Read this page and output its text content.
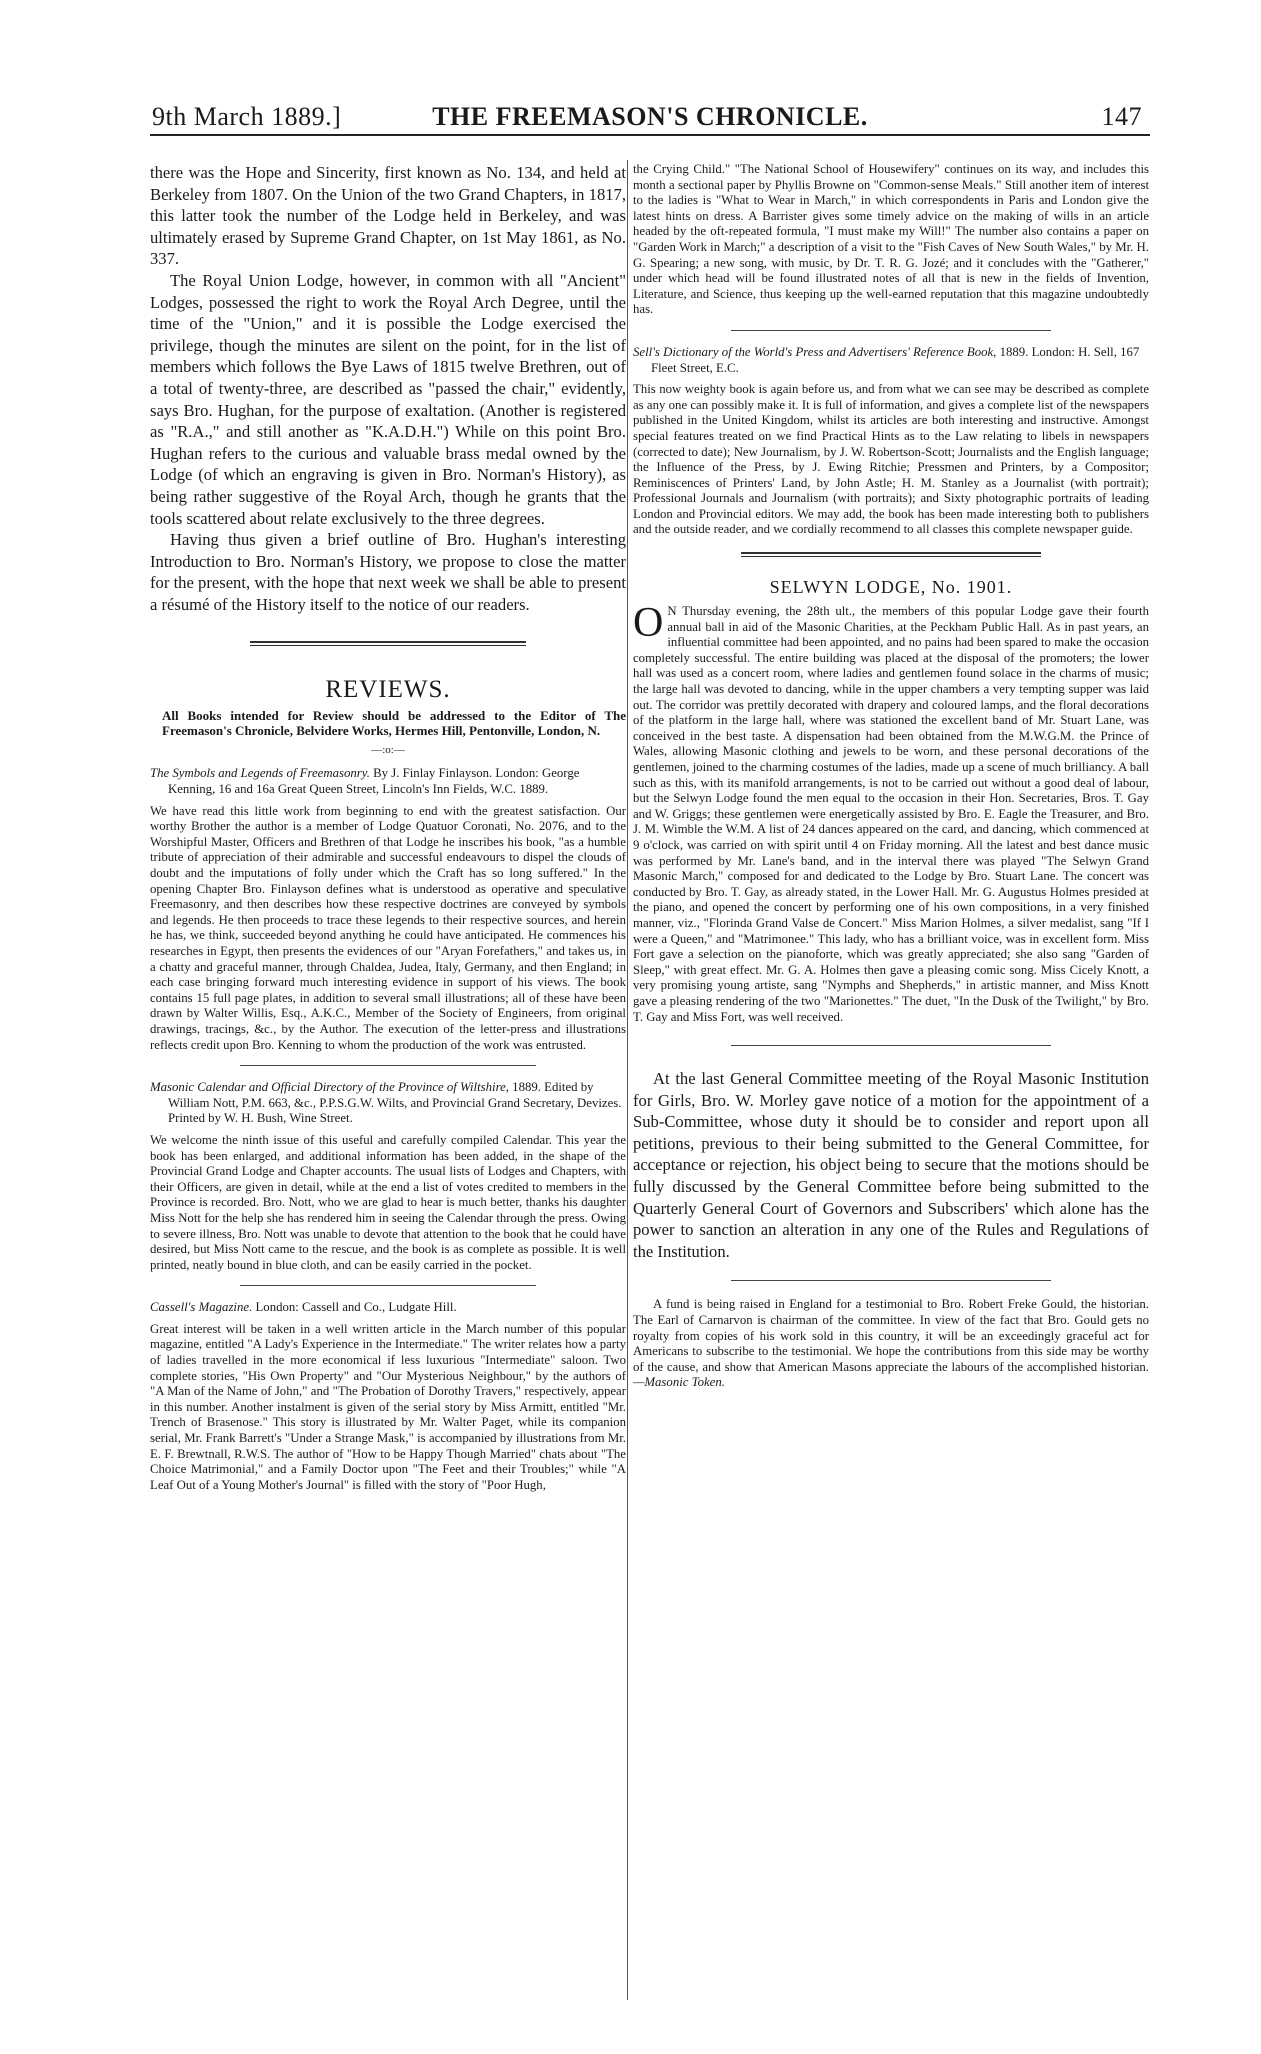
9th March 1889.]	THE FREEMASON'S CHRONICLE.	147

there was the Hope and Sincerity, first known as No. 134, and held at Berkeley from 1807. On the Union of the two Grand Chapters, in 1817, this latter took the number of the Lodge held in Berkeley, and was ultimately erased by Supreme Grand Chapter, on 1st May 1861, as No. 337.

The Royal Union Lodge, however, in common with all "Ancient" Lodges, possessed the right to work the Royal Arch Degree, until the time of the "Union," and it is possible the Lodge exercised the privilege, though the minutes are silent on the point, for in the list of members which follows the Bye Laws of 1815 twelve Brethren, out of a total of twenty-three, are described as "passed the chair," evidently, says Bro. Hughan, for the purpose of exaltation. (Another is registered as "R.A.," and still another as "K.A.D.H.") While on this point Bro. Hughan refers to the curious and valuable brass medal owned by the Lodge (of which an engraving is given in Bro. Norman's History), as being rather suggestive of the Royal Arch, though he grants that the tools scattered about relate exclusively to the three degrees.

Having thus given a brief outline of Bro. Hughan's interesting Introduction to Bro. Norman's History, we propose to close the matter for the present, with the hope that next week we shall be able to present a résumé of the History itself to the notice of our readers.

REVIEWS.

All Books intended for Review should be addressed to the Editor of The Freemason's Chronicle, Belvidere Works, Hermes Hill, Pentonville, London, N.

—:o:—

The Symbols and Legends of Freemasonry. By J. Finlay Finlayson. London: George Kenning, 16 and 16a Great Queen Street, Lincoln's Inn Fields, W.C. 1889.

We have read this little work from beginning to end with the greatest satisfaction. Our worthy Brother the author is a member of Lodge Quatuor Coronati, No. 2076, and to the Worshipful Master, Officers and Brethren of that Lodge he inscribes his book, "as a humble tribute of appreciation of their admirable and successful endeavours to dispel the clouds of doubt and the imputations of folly under which the Craft has so long suffered." In the opening Chapter Bro. Finlayson defines what is understood as operative and speculative Freemasonry, and then describes how these respective doctrines are conveyed by symbols and legends. He then proceeds to trace these legends to their respective sources, and herein he has, we think, succeeded beyond anything he could have anticipated. He commences his researches in Egypt, then presents the evidences of our "Aryan Forefathers," and takes us, in a chatty and graceful manner, through Chaldea, Judea, Italy, Germany, and then England; in each case bringing forward much interesting evidence in support of his views. The book contains 15 full page plates, in addition to several small illustrations; all of these have been drawn by Walter Willis, Esq., A.K.C., Member of the Society of Engineers, from original drawings, tracings, &c., by the Author. The execution of the letter-press and illustrations reflects credit upon Bro. Kenning to whom the production of the work was entrusted.

Masonic Calendar and Official Directory of the Province of Wiltshire, 1889. Edited by William Nott, P.M. 663, &c., P.P.S.G.W. Wilts, and Provincial Grand Secretary, Devizes. Printed by W. H. Bush, Wine Street.

We welcome the ninth issue of this useful and carefully compiled Calendar. This year the book has been enlarged, and additional information has been added, in the shape of the Provincial Grand Lodge and Chapter accounts. The usual lists of Lodges and Chapters, with their Officers, are given in detail, while at the end a list of votes credited to members in the Province is recorded. Bro. Nott, who we are glad to hear is much better, thanks his daughter Miss Nott for the help she has rendered him in seeing the Calendar through the press. Owing to severe illness, Bro. Nott was unable to devote that attention to the book that he could have desired, but Miss Nott came to the rescue, and the book is as complete as possible. It is well printed, neatly bound in blue cloth, and can be easily carried in the pocket.

Cassell's Magazine. London: Cassell and Co., Ludgate Hill.

Great interest will be taken in a well written article in the March number of this popular magazine, entitled "A Lady's Experience in the Intermediate." The writer relates how a party of ladies travelled in the more economical if less luxurious "Intermediate" saloon. Two complete stories, "His Own Property" and "Our Mysterious Neighbour," by the authors of "A Man of the Name of John," and "The Probation of Dorothy Travers," respectively, appear in this number. Another instalment is given of the serial story by Miss Armitt, entitled "Mr. Trench of Brasenose." This story is illustrated by Mr. Walter Paget, while its companion serial, Mr. Frank Barrett's "Under a Strange Mask," is accompanied by illustrations from Mr. E. F. Brewtnall, R.W.S. The author of "How to be Happy Though Married" chats about "The Choice Matrimonial," and a Family Doctor upon "The Feet and their Troubles;" while "A Leaf Out of a Young Mother's Journal" is filled with the story of "Poor Hugh,

the Crying Child." "The National School of Housewifery" continues on its way, and includes this month a sectional paper by Phyllis Browne on "Common-sense Meals." Still another item of interest to the ladies is "What to Wear in March," in which correspondents in Paris and London give the latest hints on dress. A Barrister gives some timely advice on the making of wills in an article headed by the oft-repeated formula, "I must make my Will!" The number also contains a paper on "Garden Work in March;" a description of a visit to the "Fish Caves of New South Wales," by Mr. H. G. Spearing; a new song, with music, by Dr. T. R. G. Jozé; and it concludes with the "Gatherer," under which head will be found illustrated notes of all that is new in the fields of Invention, Literature, and Science, thus keeping up the well-earned reputation that this magazine undoubtedly has.

Sell's Dictionary of the World's Press and Advertisers' Reference Book, 1889. London: H. Sell, 167 Fleet Street, E.C.

This now weighty book is again before us, and from what we can see may be described as complete as any one can possibly make it. It is full of information, and gives a complete list of the newspapers published in the United Kingdom, whilst its articles are both interesting and instructive. Amongst special features treated on we find Practical Hints as to the Law relating to libels in newspapers (corrected to date); New Journalism, by J. W. Robertson-Scott; Journalists and the English language; the Influence of the Press, by J. Ewing Ritchie; Pressmen and Printers, by a Compositor; Reminiscences of Printers' Land, by John Astle; H. M. Stanley as a Journalist (with portrait); Professional Journals and Journalism (with portraits); and Sixty photographic portraits of leading London and Provincial editors. We may add, the book has been made interesting both to publishers and the outside reader, and we cordially recommend to all classes this complete newspaper guide.

SELWYN LODGE, No. 1901.

O N Thursday evening, the 28th ult., the members of this popular Lodge gave their fourth annual ball in aid of the Masonic Charities, at the Peckham Public Hall. As in past years, an influential committee had been appointed, and no pains had been spared to make the occasion completely successful. The entire building was placed at the disposal of the promoters; the lower hall was used as a concert room, where ladies and gentlemen found solace in the charms of music; the large hall was devoted to dancing, while in the upper chambers a very tempting supper was laid out. The corridor was prettily decorated with drapery and coloured lamps, and the floral decorations of the platform in the large hall, where was stationed the excellent band of Mr. Stuart Lane, was conceived in the best taste. A dispensation had been obtained from the M.W.G.M. the Prince of Wales, allowing Masonic clothing and jewels to be worn, and these personal decorations of the gentlemen, joined to the charming costumes of the ladies, made up a scene of much brilliancy. A ball such as this, with its manifold arrangements, is not to be carried out without a good deal of labour, but the Selwyn Lodge found the men equal to the occasion in their Hon. Secretaries, Bros. T. Gay and W. Griggs; these gentlemen were energetically assisted by Bro. E. Eagle the Treasurer, and Bro. J. M. Wimble the W.M. A list of 24 dances appeared on the card, and dancing, which commenced at 9 o'clock, was carried on with spirit until 4 on Friday morning. All the latest and best dance music was performed by Mr. Lane's band, and in the interval there was played "The Selwyn Grand Masonic March," composed for and dedicated to the Lodge by Bro. Stuart Lane. The concert was conducted by Bro. T. Gay, as already stated, in the Lower Hall. Mr. G. Augustus Holmes presided at the piano, and opened the concert by performing one of his own compositions, in a very finished manner, viz., "Florinda Grand Valse de Concert." Miss Marion Holmes, a silver medalist, sang "If I were a Queen," and "Matrimonee." This lady, who has a brilliant voice, was in excellent form. Miss Fort gave a selection on the pianoforte, which was greatly appreciated; she also sang "Garden of Sleep," with great effect. Mr. G. A. Holmes then gave a pleasing comic song. Miss Cicely Knott, a very promising young artiste, sang "Nymphs and Shepherds," in artistic manner, and Miss Knott gave a pleasing rendering of the two "Marionettes." The duet, "In the Dusk of the Twilight," by Bro. T. Gay and Miss Fort, was well received.

At the last General Committee meeting of the Royal Masonic Institution for Girls, Bro. W. Morley gave notice of a motion for the appointment of a Sub-Committee, whose duty it should be to consider and report upon all petitions, previous to their being submitted to the General Committee, for acceptance or rejection, his object being to secure that the motions should be fully discussed by the General Committee before being submitted to the Quarterly General Court of Governors and Subscribers' which alone has the power to sanction an alteration in any one of the Rules and Regulations of the Institution.

A fund is being raised in England for a testimonial to Bro. Robert Freke Gould, the historian. The Earl of Carnarvon is chairman of the committee. In view of the fact that Bro. Gould gets no royalty from copies of his work sold in this country, it will be an exceedingly graceful act for Americans to subscribe to the testimonial. We hope the contributions from this side may be worthy of the cause, and show that American Masons appreciate the labours of the accomplished historian.—Masonic Token.
